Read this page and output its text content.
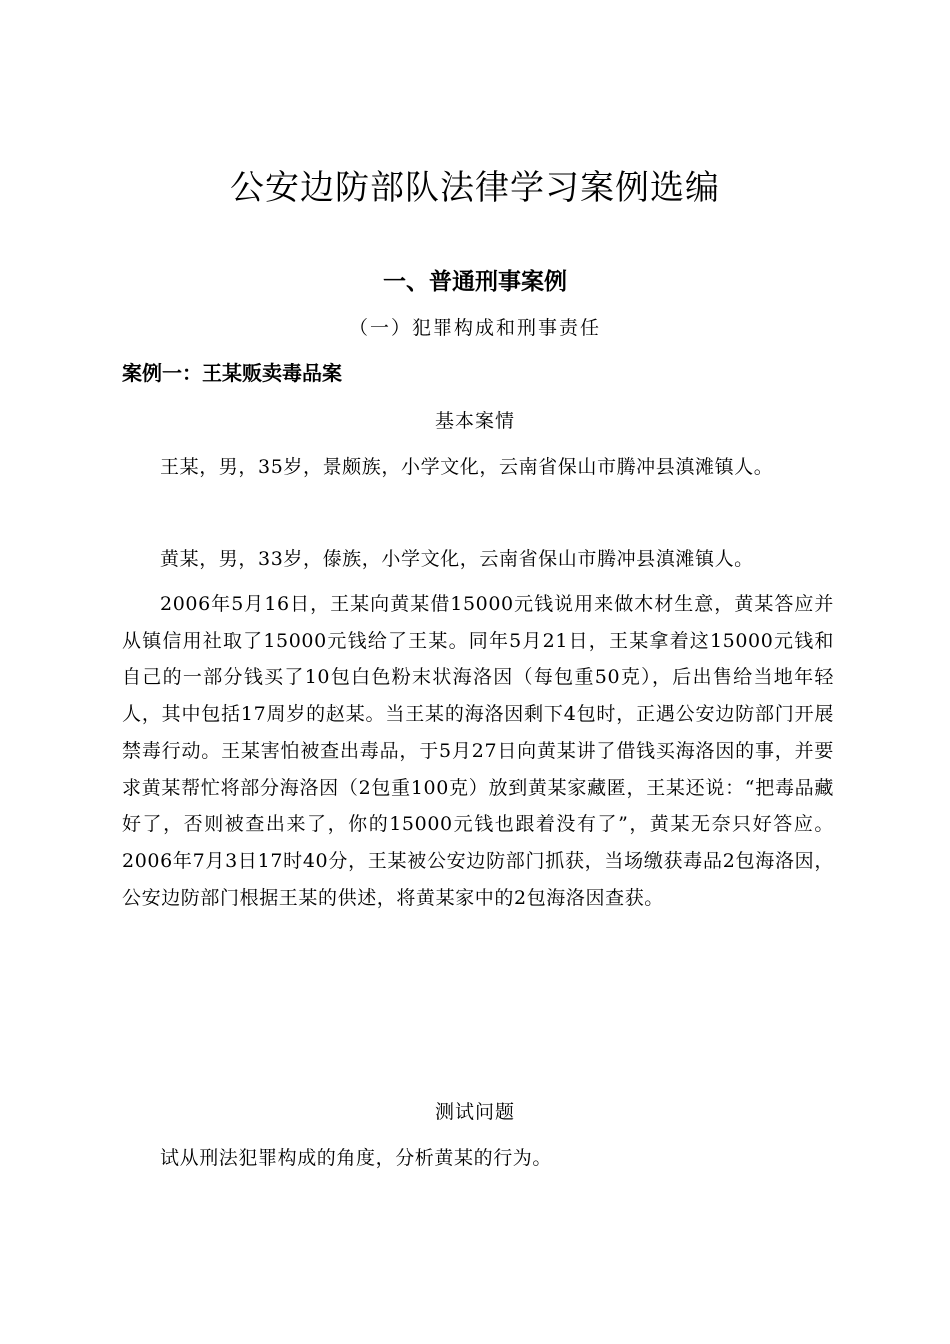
公安边防部队法律学习案例选编
一、普通刑事案例
（一）犯罪构成和刑事责任
案例一：王某贩卖毒品案
基本案情

王某，男，35岁，景颇族，小学文化，云南省保山市腾冲县滇滩镇人。

黄某，男，33岁，傣族，小学文化，云南省保山市腾冲县滇滩镇人。

2006年5月16日，王某向黄某借15000元钱说用来做木材生意，黄某答应并从镇信用社取了15000元钱给了王某。同年5月21日，王某拿着这15000元钱和自己的一部分钱买了10包白色粉末状海洛因（每包重50克），后出售给当地年轻人，其中包括17周岁的赵某。当王某的海洛因剩下4包时，正遇公安边防部门开展禁毒行动。王某害怕被查出毒品，于5月27日向黄某讲了借钱买海洛因的事，并要求黄某帮忙将部分海洛因（2包重100克）放到黄某家藏匿，王某还说：“把毒品藏好了，否则被查出来了，你的15000元钱也跟着没有了”，黄某无奈只好答应。2006年7月3日17时40分，王某被公安边防部门抓获，当场缴获毒品2包海洛因，公安边防部门根据王某的供述，将黄某家中的2包海洛因查获。

测试问题

试从刑法犯罪构成的角度，分析黄某的行为。
